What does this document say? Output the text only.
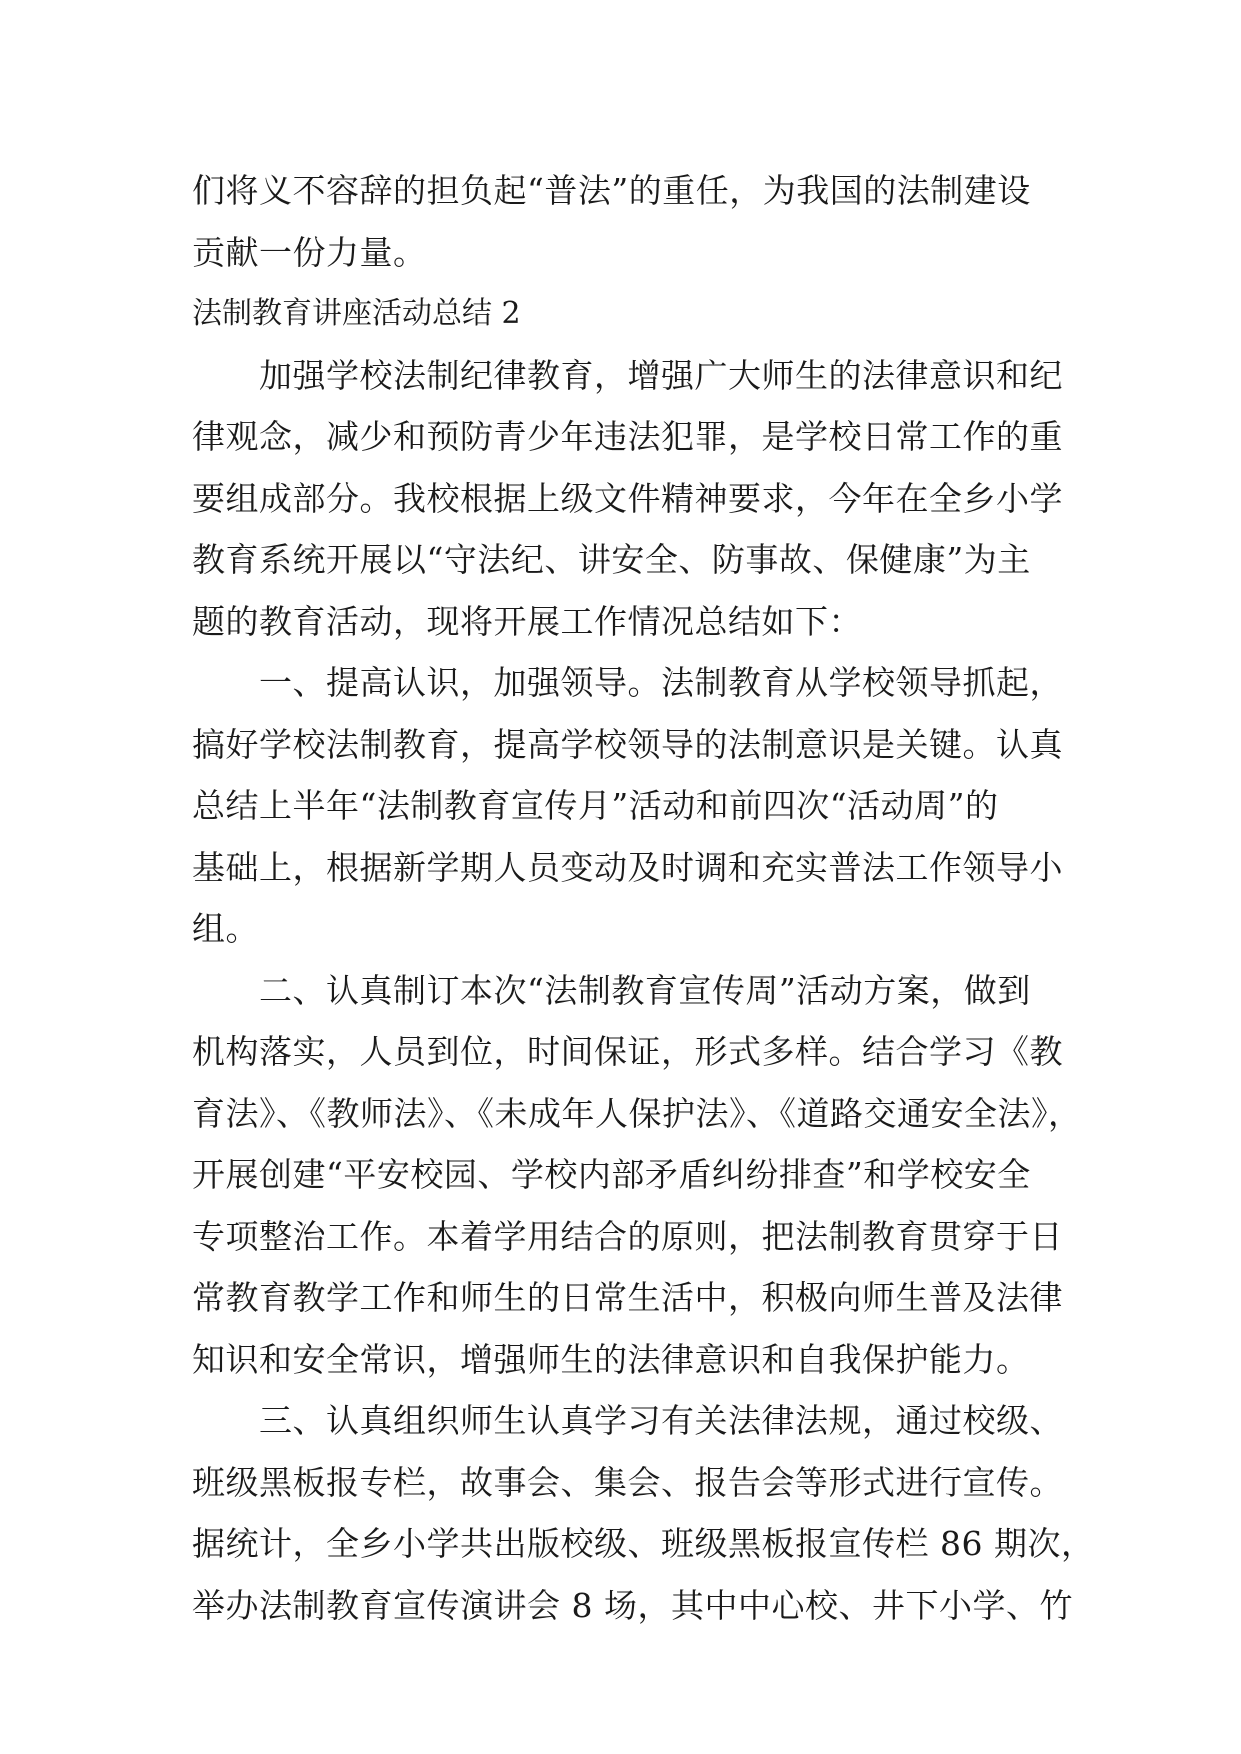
们将义不容辞的担负起“普法”的重任，为我国的法制建设
贡献一份力量。
法制教育讲座活动总结 2
　　加强学校法制纪律教育，增强广大师生的法律意识和纪
律观念，减少和预防青少年违法犯罪，是学校日常工作的重
要组成部分。我校根据上级文件精神要求，今年在全乡小学
教育系统开展以“守法纪、讲安全、防事故、保健康”为主
题的教育活动，现将开展工作情况总结如下：
　　一、提高认识，加强领导。法制教育从学校领导抓起，
搞好学校法制教育，提高学校领导的法制意识是关键。认真
总结上半年“法制教育宣传月”活动和前四次“活动周”的
基础上，根据新学期人员变动及时调和充实普法工作领导小
组。
　　二、认真制订本次“法制教育宣传周”活动方案，做到
机构落实，人员到位，时间保证，形式多样。结合学习《教
育法》、《教师法》、《未成年人保护法》、《道路交通安全法》，
开展创建“平安校园、学校内部矛盾纠纷排查”和学校安全
专项整治工作。本着学用结合的原则，把法制教育贯穿于日
常教育教学工作和师生的日常生活中，积极向师生普及法律
知识和安全常识，增强师生的法律意识和自我保护能力。
　　三、认真组织师生认真学习有关法律法规，通过校级、
班级黑板报专栏，故事会、集会、报告会等形式进行宣传。
据统计，全乡小学共出版校级、班级黑板报宣传栏 86 期次，
举办法制教育宣传演讲会 8 场，其中中心校、井下小学、竹
